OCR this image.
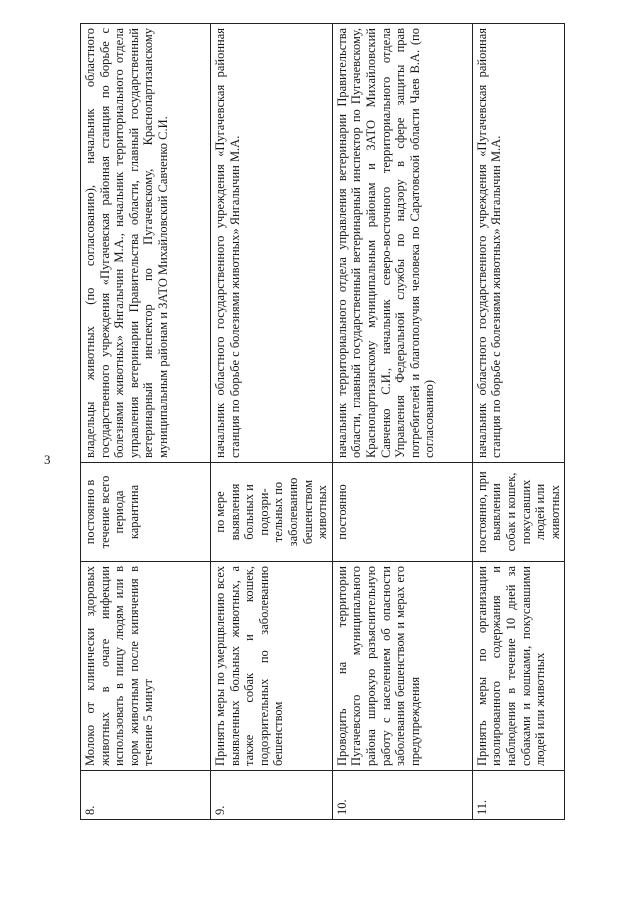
3
8.	Молоко от клинически здоровых животных в очаге инфекции использовать в пищу людям или в корм животным после кипячения в течение 5 минут	постоянно в течение всего периода карантина	владельцы животных (по согласованию), начальник областного государственного учреждения «Пугачевская районная станция по борьбе с болезнями животных» Янгалычин М.А., начальник территориального отдела управления ветеринарии Правительства области, главный государственный ветеринарный инспектор по Пугачевскому, Краснопартизанскому муниципальным районам и ЗАТО Михайловский Савченко С.И.
9.	Принять меры по умерщвлению всех выявленных больных животных, а также собак и кошек, подозрительных по заболеванию бешенством	по мере выявления больных и подозри-тельных по заболеванию бешенством животных	начальник областного государственного учреждения «Пугачевская районная станция по борьбе с болезнями животных» Янгалычин М.А.
10.	Проводить на территории Пугачевского муниципального района широкую разъяснительную работу с населением об опасности заболевания бешенством и мерах его предупреждения	постоянно	начальник территориального отдела управления ветеринарии Правительства области, главный государственный ветеринарный инспектор по Пугачевскому, Краснопартизанскому муниципальным районам и ЗАТО Михайловский Савченко С.И., начальник северо-восточного территориального отдела Управления Федеральной службы по надзору в сфере защиты прав потребителей и благополучия человека по Саратовской области Чаев В.А. (по согласованию)
11.	Принять меры по организации изолированного содержания и наблюдения в течение 10 дней за собаками и кошками, покусавшими людей или животных	постоянно, при выявлении собак и кошек, покусавших людей или животных	начальник областного государственного учреждения «Пугачевская районная станция по борьбе с болезнями животных» Янгалычин М.А.
